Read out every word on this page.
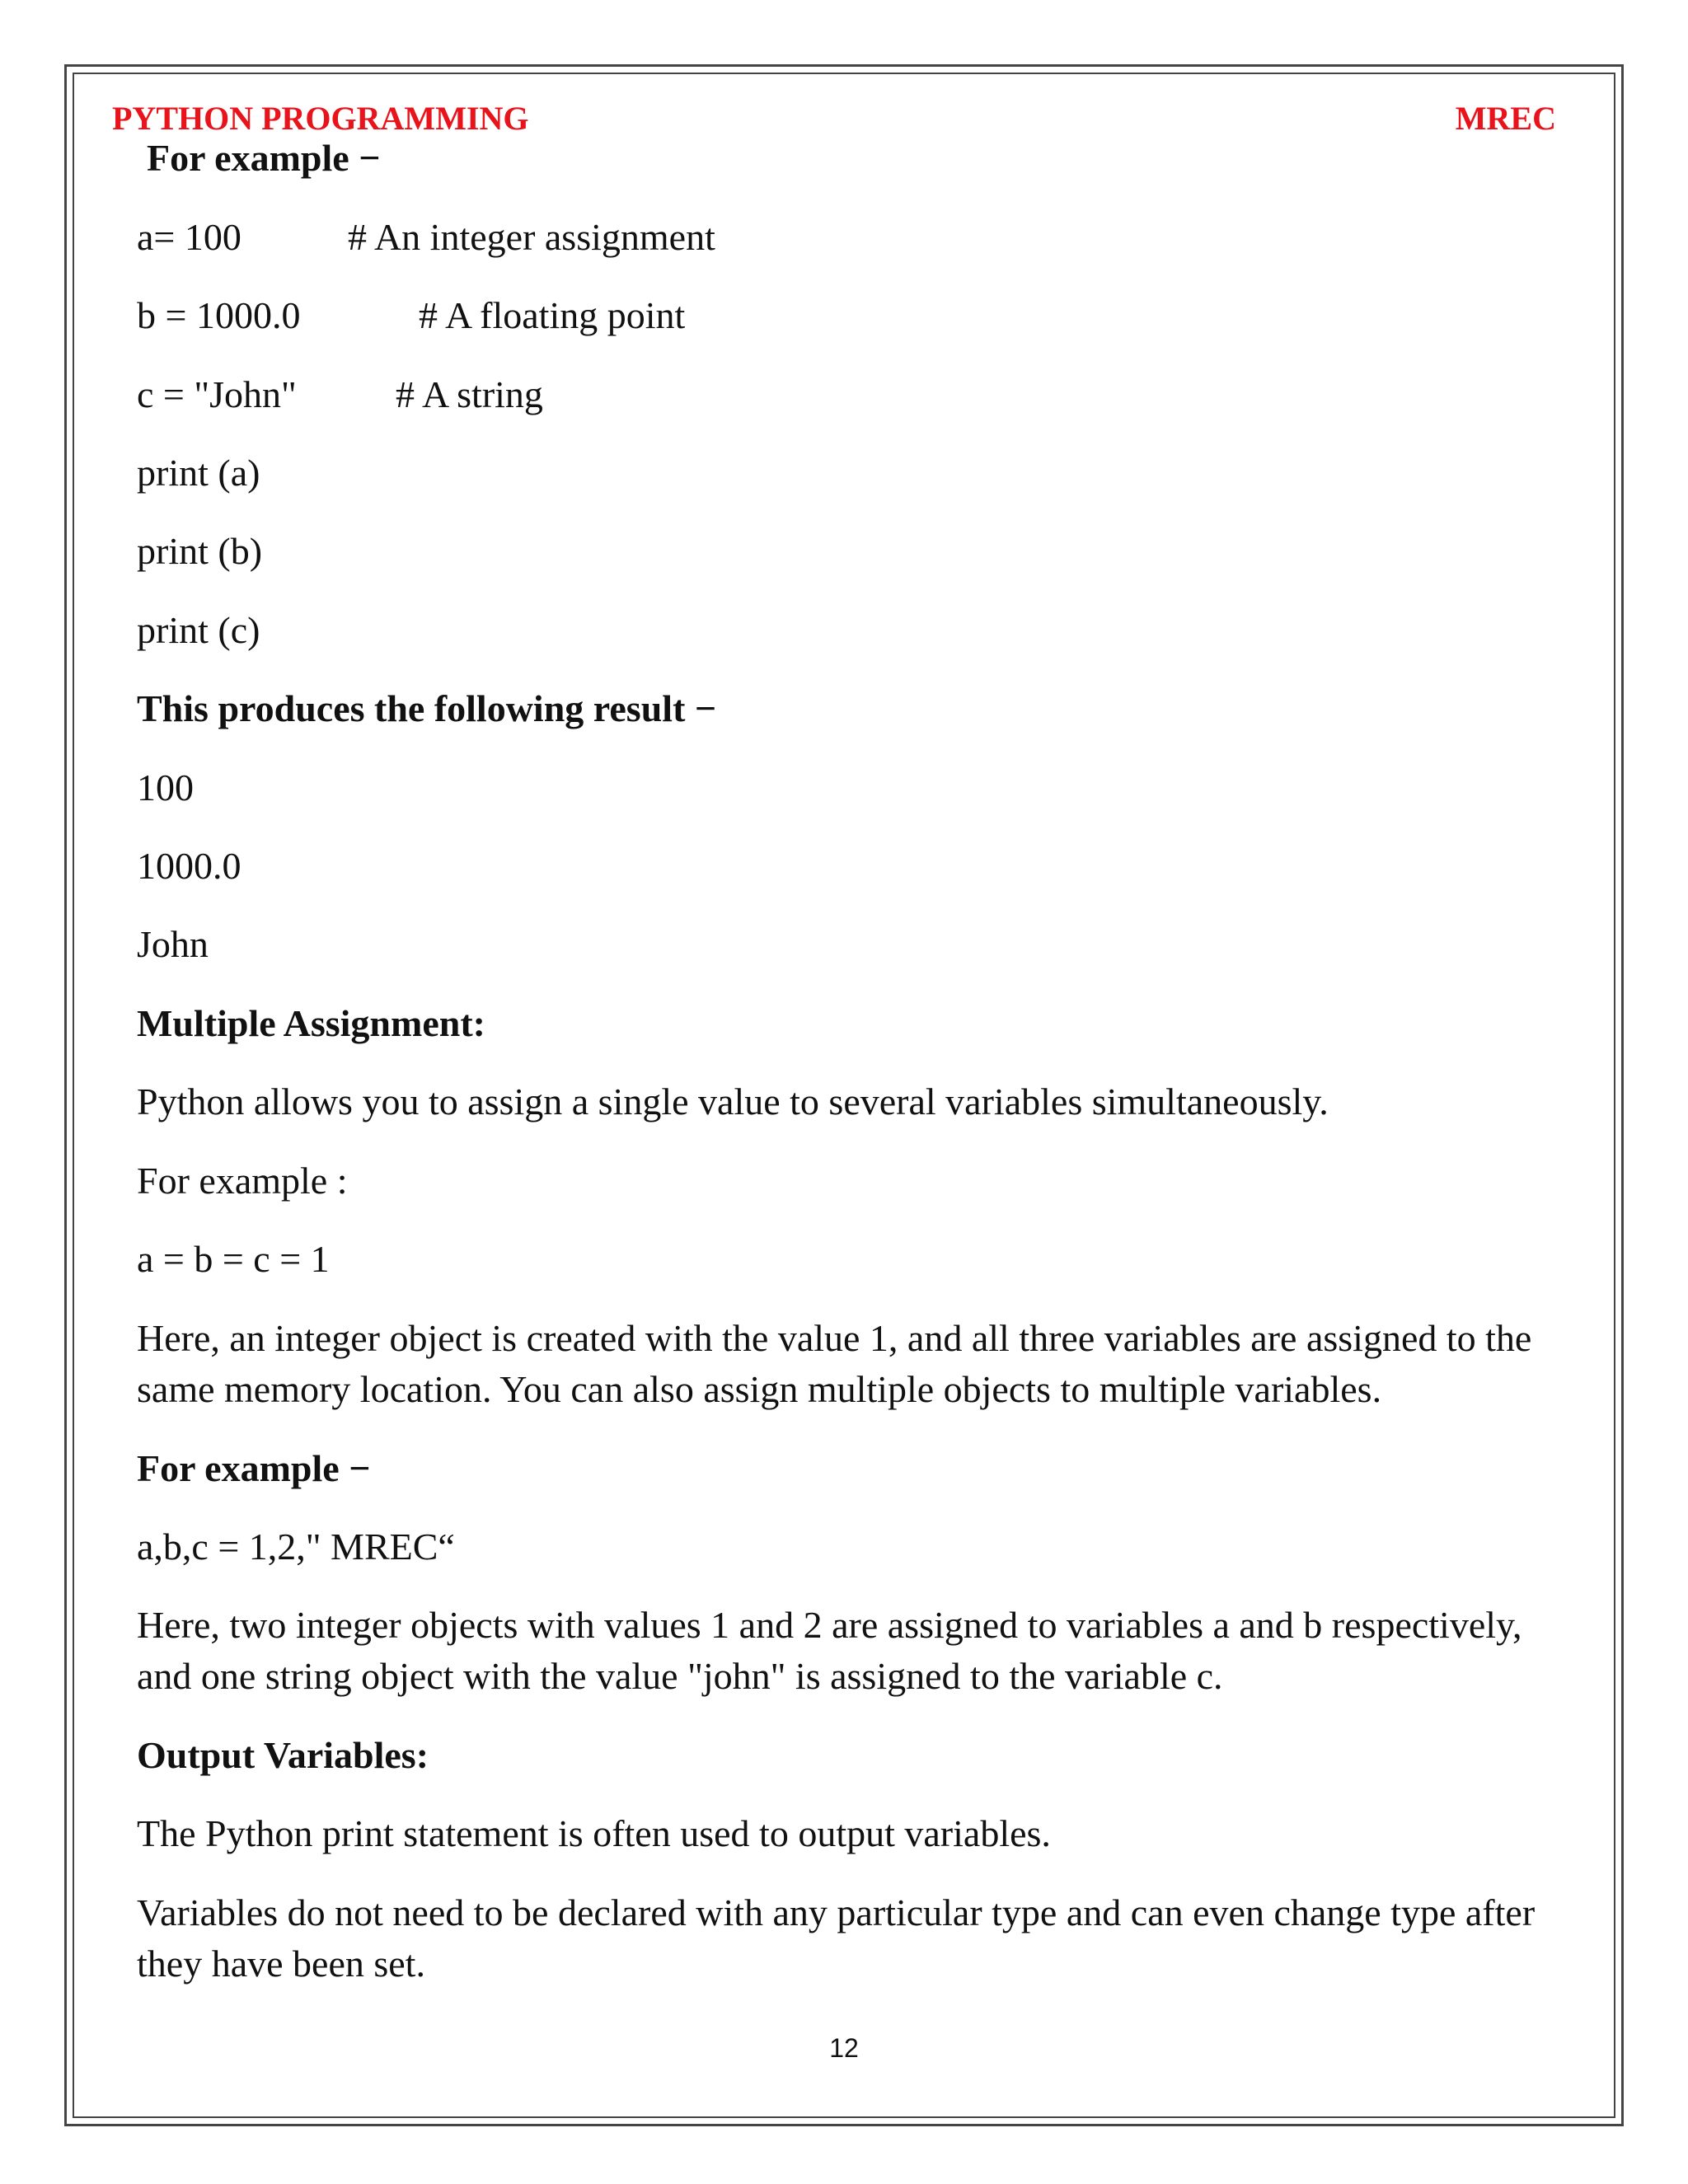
PYTHON PROGRAMMING	MREC
For example −
a= 100	# An integer assignment
b = 1000.0	# A floating point
c = "John"	# A string
print (a)
print (b)
print (c)
This produces the following result −
100
1000.0
John
Multiple Assignment:
Python allows you to assign a single value to several variables simultaneously.
For example :
a = b = c = 1
Here, an integer object is created with the value 1, and all three variables are assigned to the same memory location. You can also assign multiple objects to multiple variables.
For example −
a,b,c = 1,2," MREC“
Here, two integer objects with values 1 and 2 are assigned to variables a and b respectively, and one string object with the value "john" is assigned to the variable c.
Output Variables:
The Python print statement is often used to output variables.
Variables do not need to be declared with any particular type and can even change type after they have been set.
12
